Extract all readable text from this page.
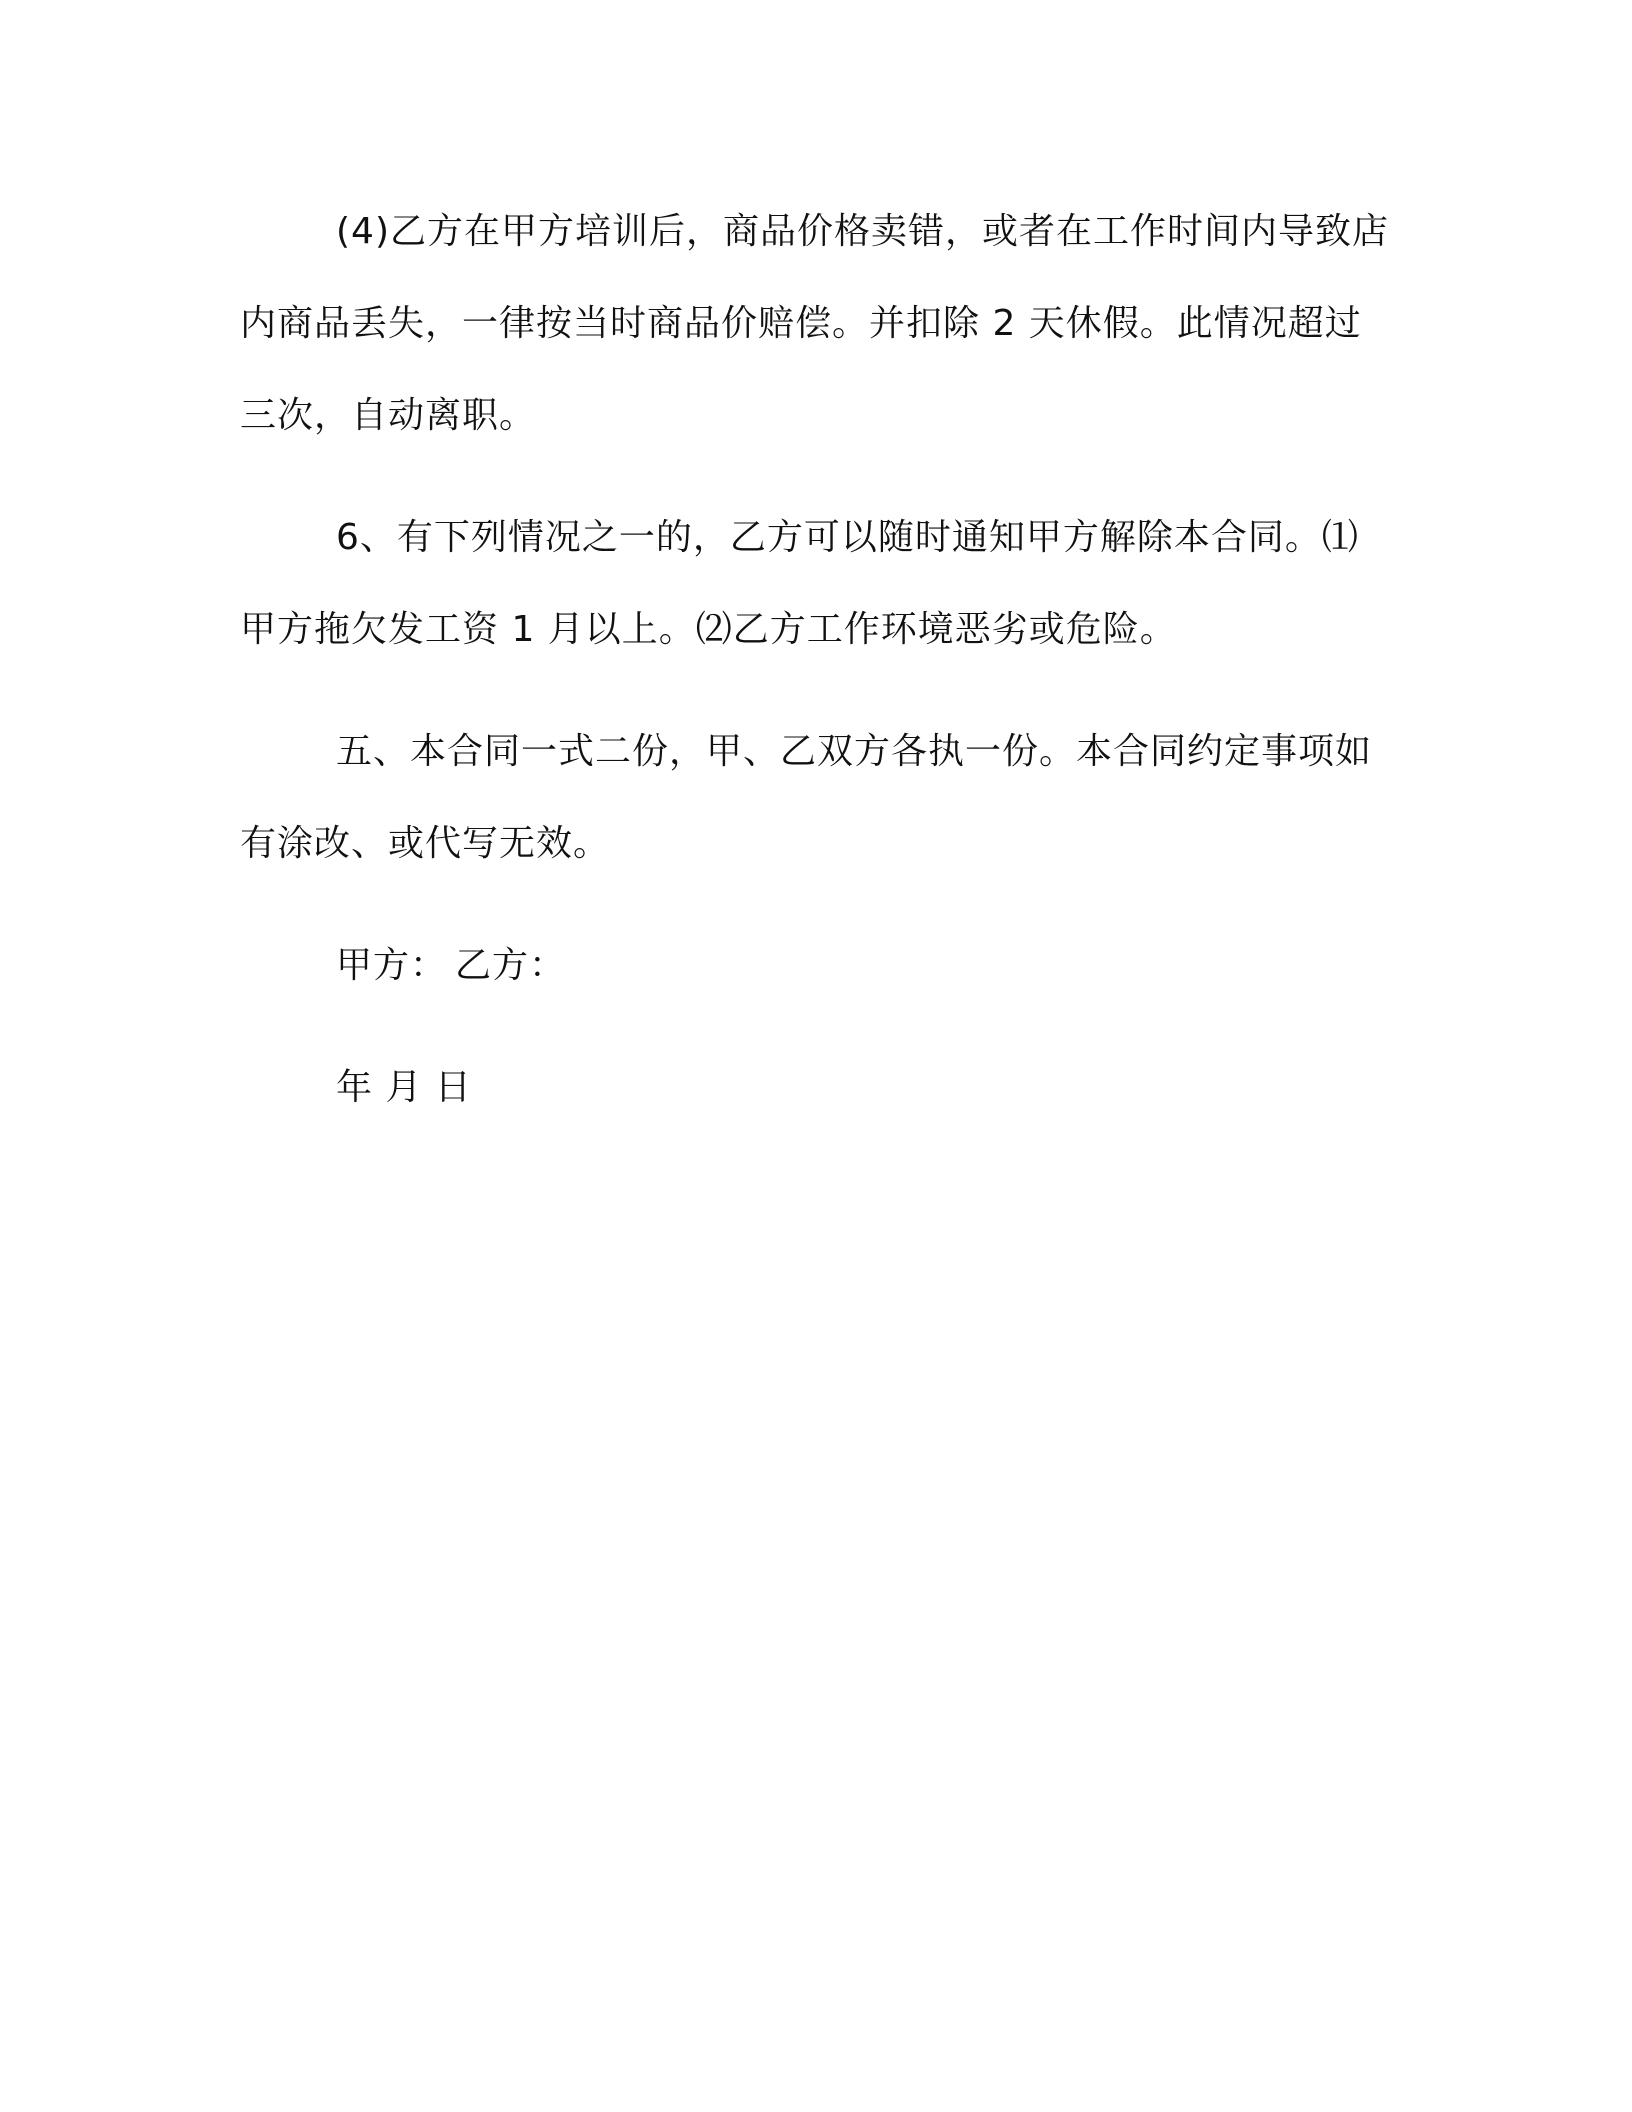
(4)乙方在甲方培训后，商品价格卖错，或者在工作时间内导致店内商品丢失，一律按当时商品价赔偿。并扣除 2 天休假。此情况超过三次，自动离职。

6、有下列情况之一的，乙方可以随时通知甲方解除本合同。⑴甲方拖欠发工资 1 月以上。⑵乙方工作环境恶劣或危险。

五、本合同一式二份，甲、乙双方各执一份。本合同约定事项如有涂改、或代写无效。

甲方： 乙方：

年 月 日
